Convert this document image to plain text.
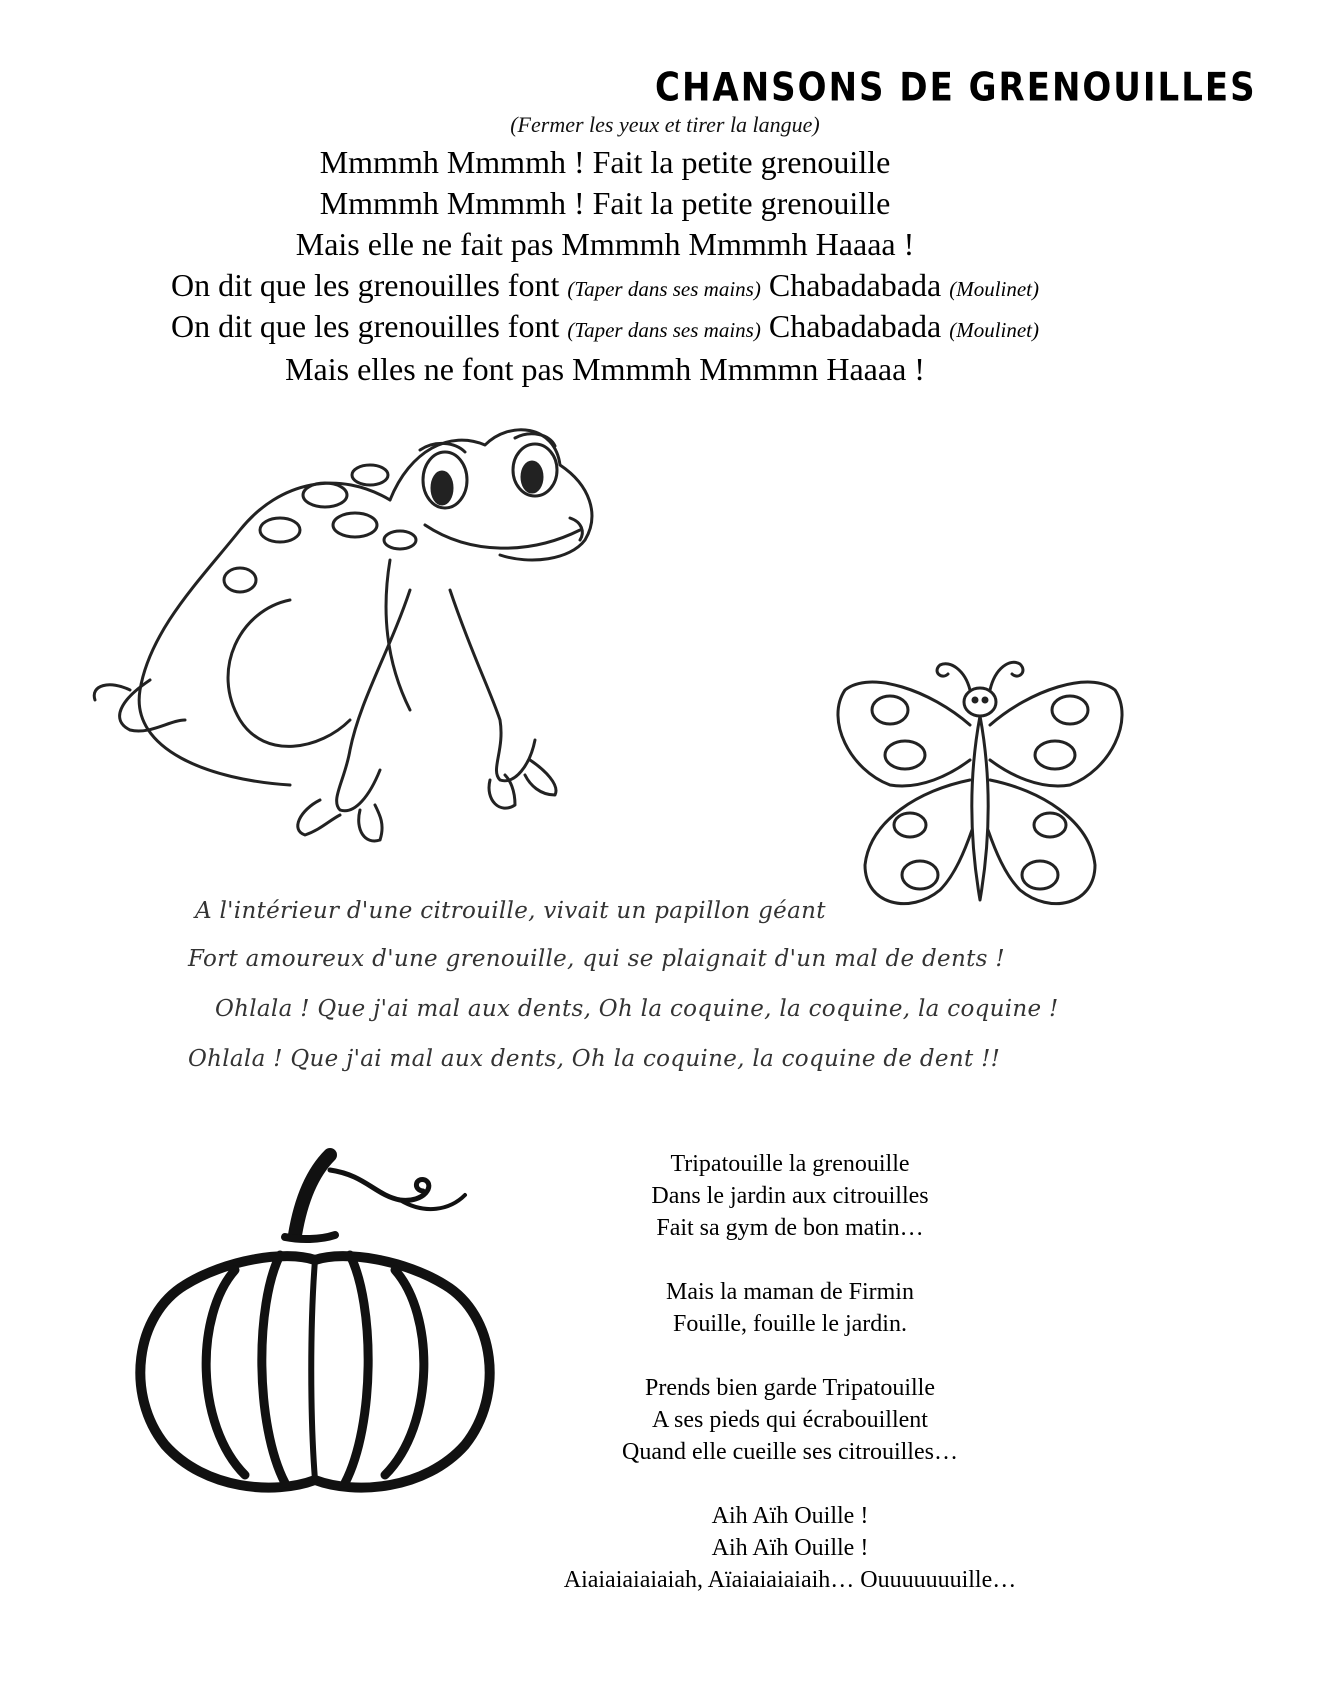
CHANSONS DE GRENOUILLES
(Fermer les yeux et tirer la langue)
Mmmmh Mmmmh ! Fait la petite grenouille
Mmmmh Mmmmh ! Fait la petite grenouille
Mais elle ne fait pas Mmmmh Mmmmh Haaaa !
On dit que les grenouilles font (Taper dans ses mains) Chabadabada (Moulinet)
On dit que les grenouilles font (Taper dans ses mains) Chabadabada (Moulinet)
Mais elles ne font pas Mmmmh Mmmmn Haaaa !
A l'intérieur d'une citrouille, vivait un papillon géant
Fort amoureux d'une grenouille, qui se plaignait d'un mal de dents !
Ohlala ! Que j'ai mal aux dents, Oh la coquine, la coquine, la coquine !
Ohlala ! Que j'ai mal aux dents, Oh la coquine, la coquine de dent !!
Tripatouille la grenouille
Dans le jardin aux citrouilles
Fait sa gym de bon matin…
Mais la maman de Firmin
Fouille, fouille le jardin.
Prends bien garde Tripatouille
A ses pieds qui écrabouillent
Quand elle cueille ses citrouilles…
Aih Aïh Ouille !
Aih Aïh Ouille !
Aiaiaiaiaiaiah, Aïaiaiaiaiaih… Ouuuuuuuille…
